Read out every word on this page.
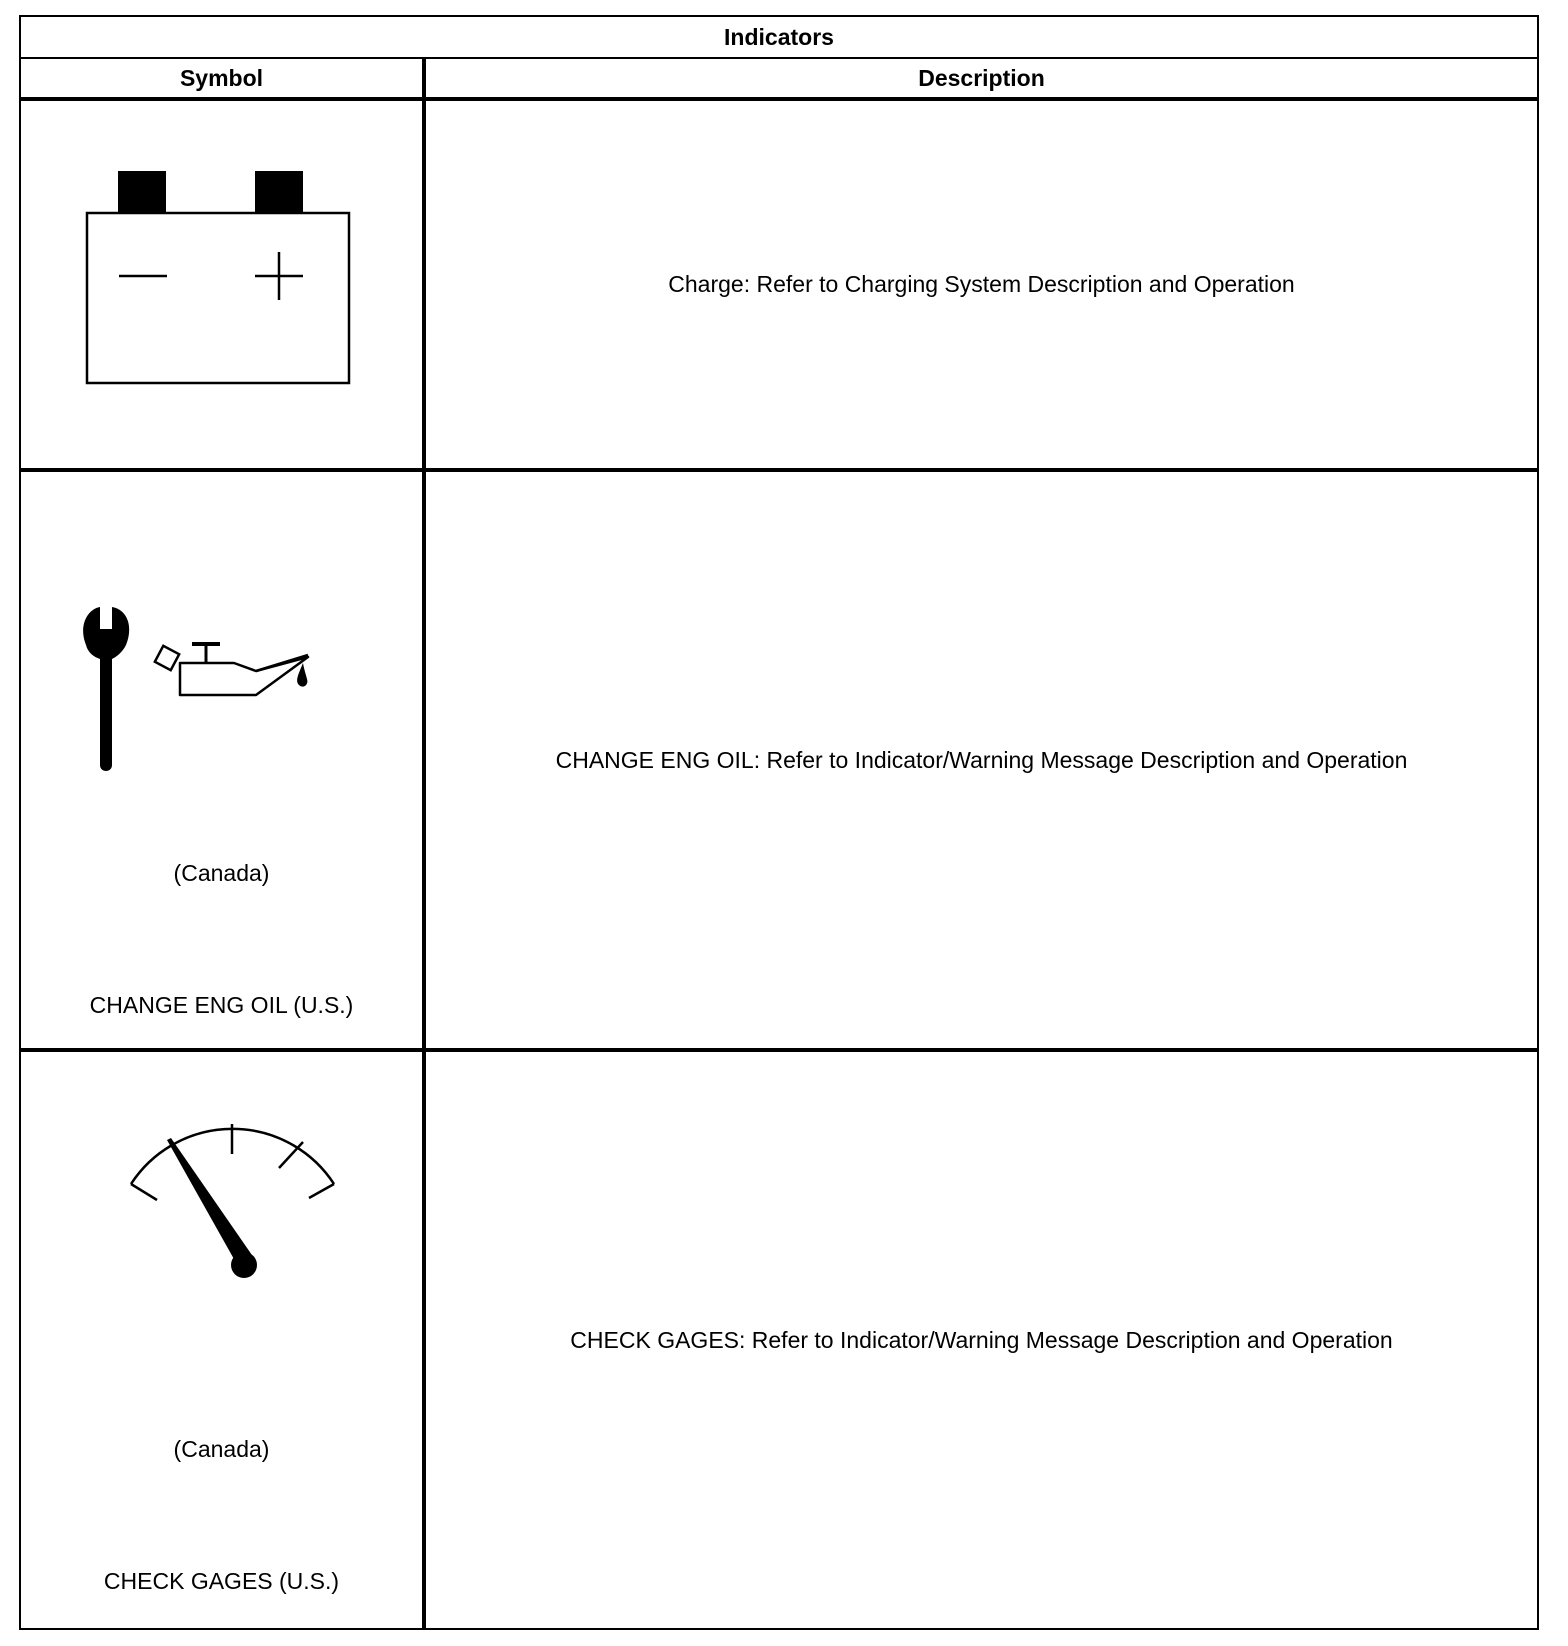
Indicators
Symbol	Description
Charge: Refer to Charging System Description and Operation
(Canada)
CHANGE ENG OIL (U.S.)
CHANGE ENG OIL: Refer to Indicator/Warning Message Description and Operation
(Canada)
CHECK GAGES (U.S.)
CHECK GAGES: Refer to Indicator/Warning Message Description and Operation
